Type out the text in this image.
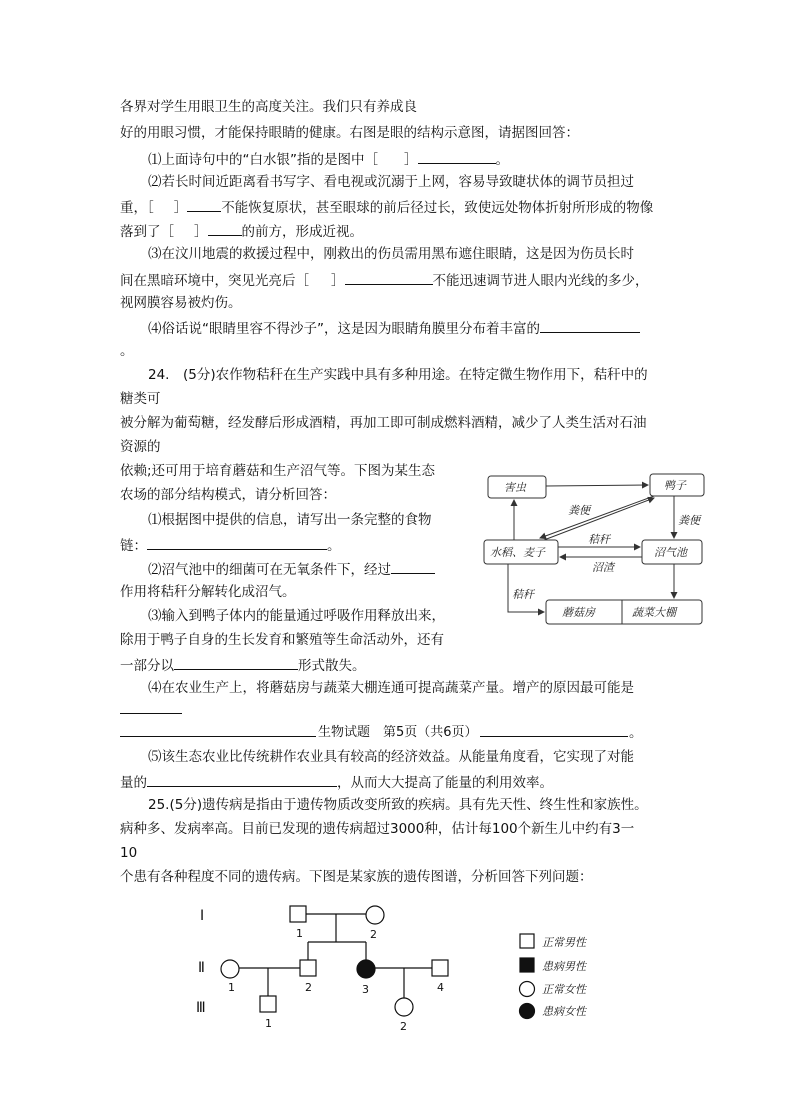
各界对学生用眼卫生的高度关注。我们只有养成良
好的用眼习惯，才能保持眼睛的健康。右图是眼的结构示意图，请据图回答：
⑴上面诗句中的“白水银”指的是图中［ ］	。
⑵若长时间近距离看书写字、看电视或沉溺于上网，容易导致睫状体的调节员担过
重，［ ］	不能恢复原状，甚至眼球的前后径过长，致使远处物体折射所形成的物像
落到了［ ］	的前方，形成近视。
⑶在汶川地震的救援过程中，刚救出的伤员需用黑布遮住眼睛，这是因为伤员长时
间在黑暗环境中，突见光亮后［ ］	不能迅速调节进人眼内光线的多少，
视网膜容易被灼伤。
⑷俗话说“眼睛里容不得沙子”，这是因为眼睛角膜里分布着丰富的
。
24.　(5分)农作物秸秆在生产实践中具有多种用途。在特定微生物作用下，秸秆中的
糖类可
被分解为葡萄糖，经发酵后形成酒精，再加工即可制成燃料酒精，减少了人类生活对石油
资源的
依赖;还可用于培育蘑菇和生产沼气等。下图为某生态
农场的部分结构模式，请分析回答：
⑴根据图中提供的信息，请写出一条完整的食物
链：	。
⑵沼气池中的细菌可在无氧条件下，经过
作用将秸秆分解转化成沼气。
⑶输入到鸭子体内的能量通过呼吸作用释放出来，
除用于鸭子自身的生长发育和繁殖等生命活动外，还有
一部分以	形式散失。
⑷在农业生产上，将蘑菇房与蔬菜大棚连通可提高蔬菜产量。增产的原因最可能是
生物试题　第5页（共6页）	。
⑸该生态农业比传统耕作农业具有较高的经济效益。从能量角度看，它实现了对能
量的	，从而大大提高了能量的利用效率。
25.(5分)遗传病是指由于遗传物质改变所致的疾病。具有先天性、终生性和家族性。
病种多、发病率高。目前已发现的遗传病超过3000种，估计每100个新生儿中约有3一
10
个患有各种程度不同的遗传病。下图是某家族的遗传图谱，分析回答下列问题：
害虫	鸭子
水稻、麦子	沼气池
蘑菇房	蔬菜大棚
粪便
粪便
秸秆
沼渣
秸秆
Ⅰ
Ⅱ
Ⅲ
1	2
1	2	3	4
1	2
正常男性
患病男性
正常女性
患病女性
